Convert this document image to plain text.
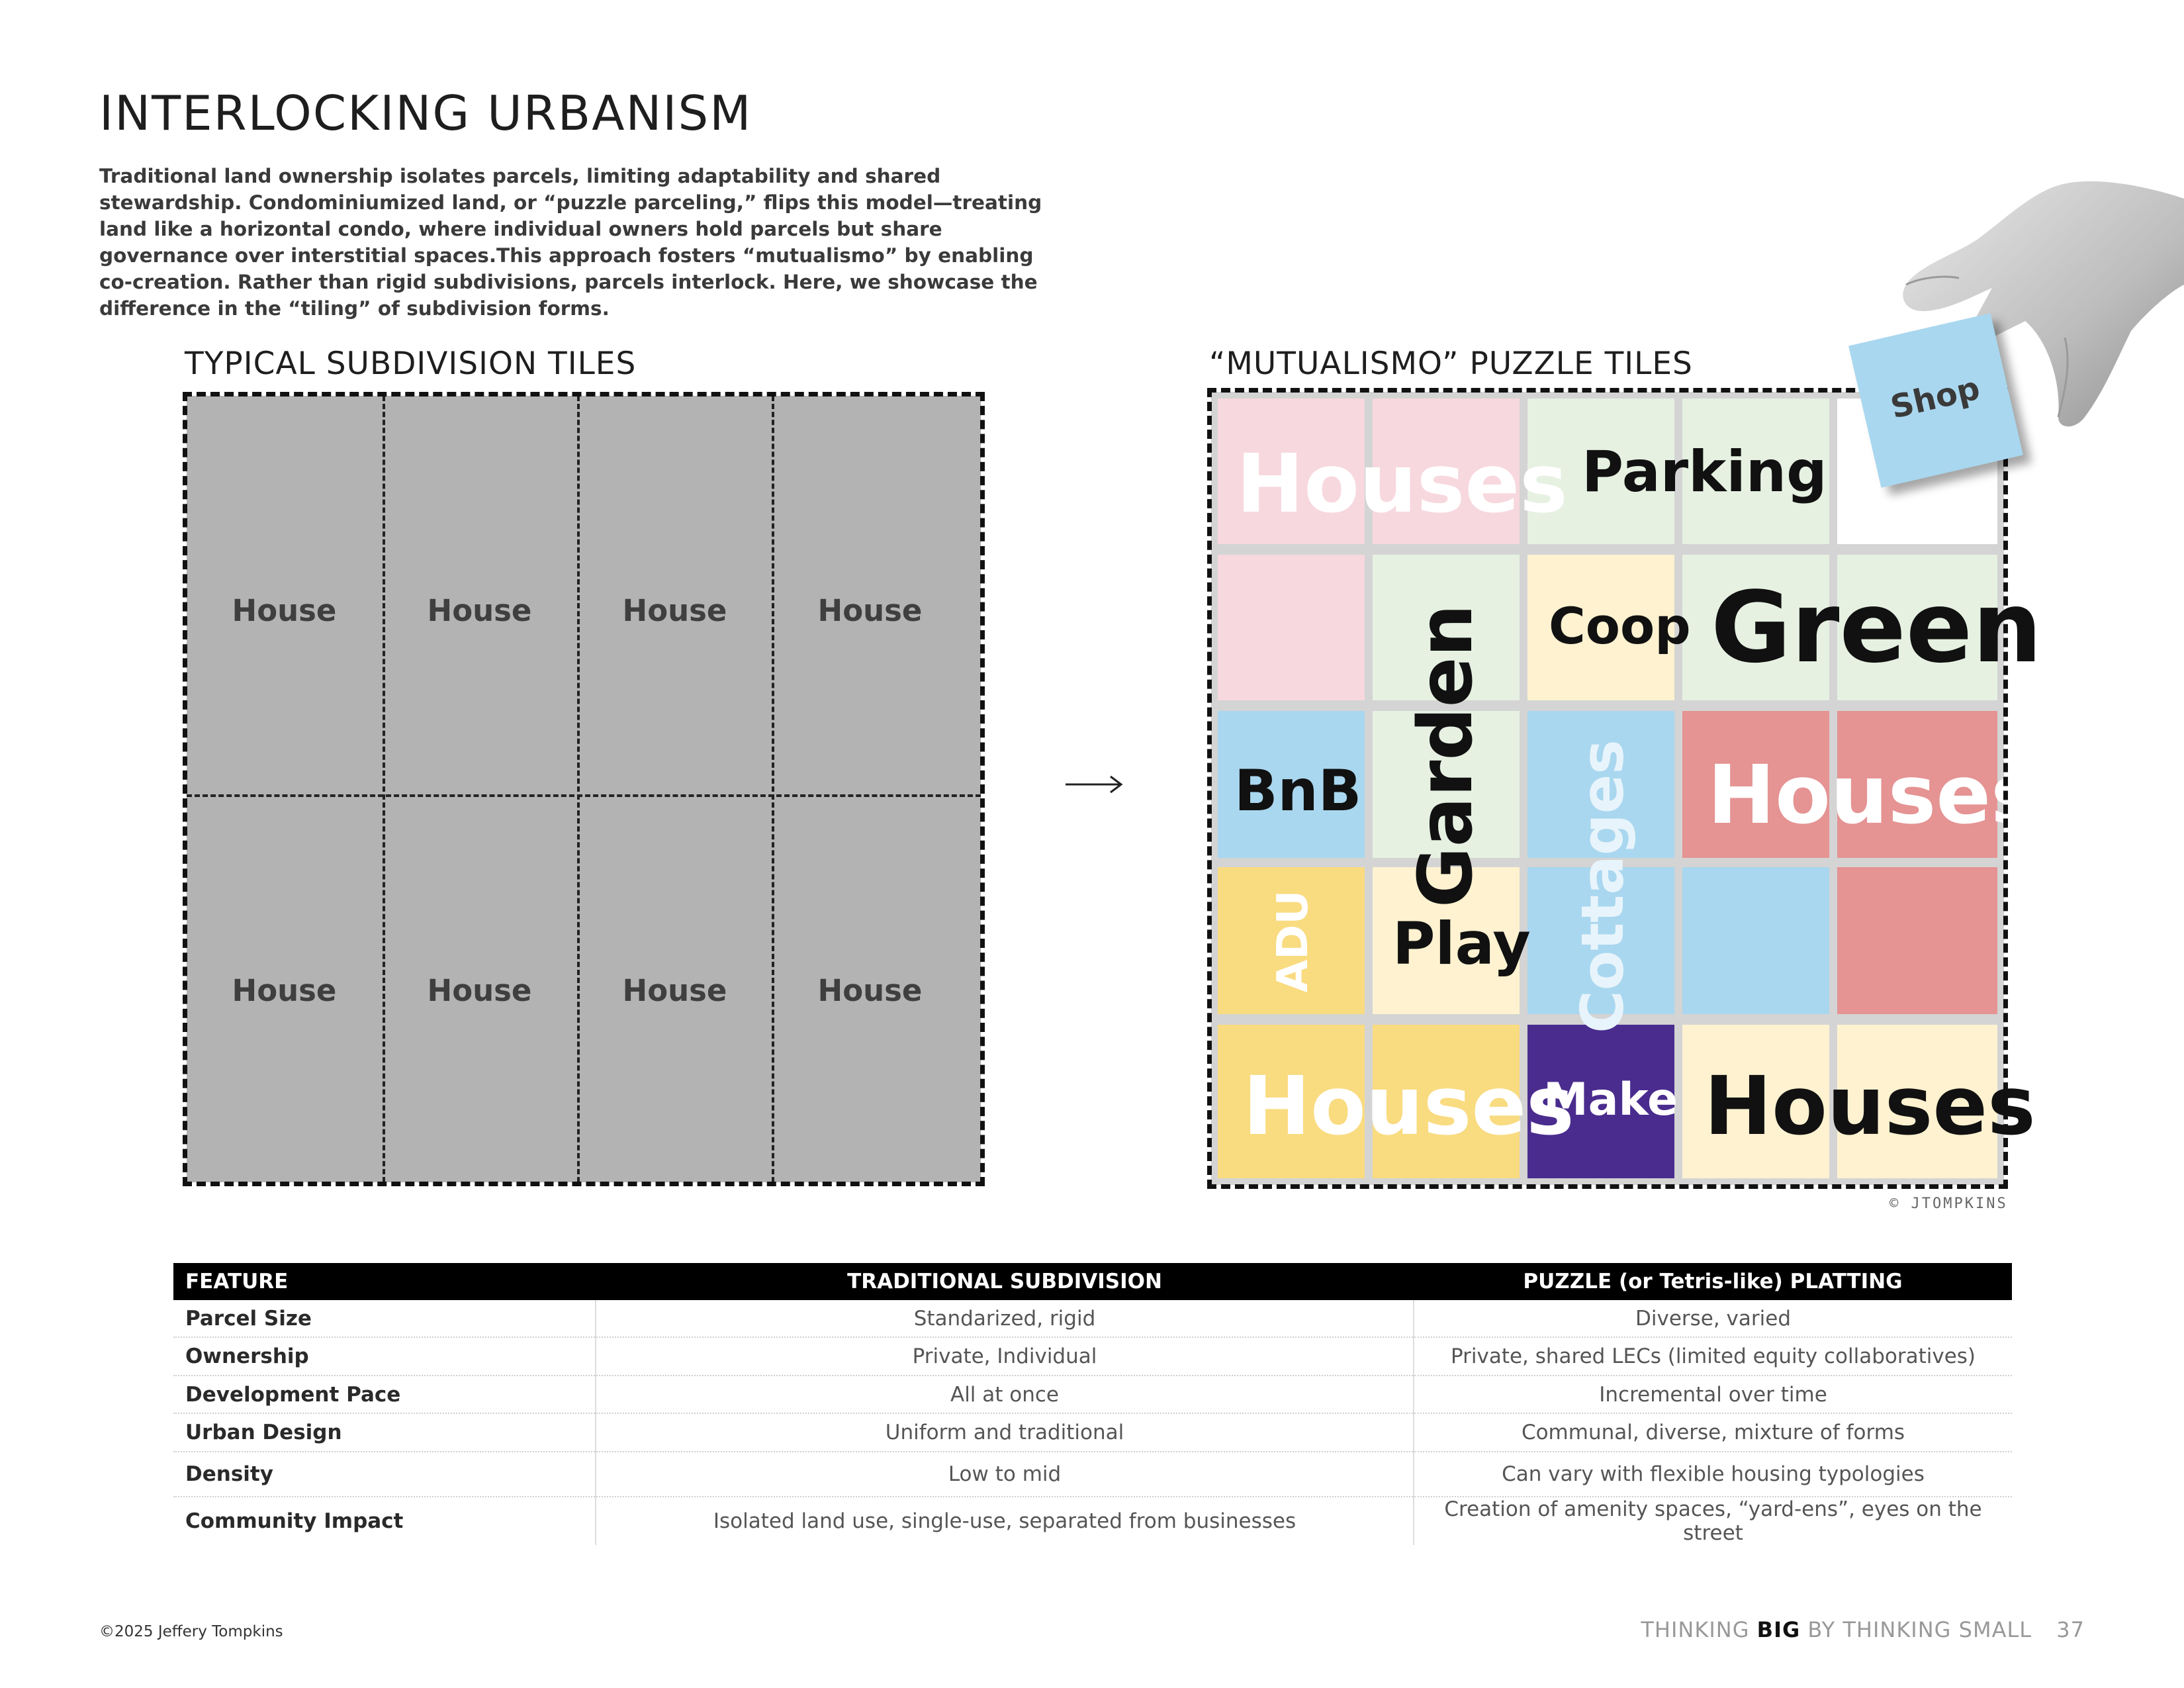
INTERLOCKING URBANISM

Traditional land ownership isolates parcels, limiting adaptability and shared stewardship. Condominiumized land, or “puzzle parceling,” flips this model—treating land like a horizontal condo, where individual owners hold parcels but share governance over interstitial spaces.This approach fosters “mutualismo” by enabling co-creation. Rather than rigid subdivisions, parcels interlock. Here, we showcase the difference in the “tiling” of subdivision forms.

TYPICAL SUBDIVISION TILES	“MUTUALISMO” PUZZLE TILES
House	House	House	House
House	House	House	House
Houses Parking
Garden Coop Green
BnB	Cottages Houses
ADU Play
Houses
Make Houses
© JTOMPKINS
Shop
FEATURE	TRADITIONAL SUBDIVISION	PUZZLE (or Tetris-like) PLATTING
Parcel Size	Standarized, rigid	Diverse, varied
Ownership	Private, Individual	Private, shared LECs (limited equity collaboratives)
Development Pace	All at once	Incremental over time
Urban Design	Uniform and traditional	Communal, diverse, mixture of forms
Density	Low to mid	Can vary with flexible housing typologies
Community Impact	Isolated land use, single-use, separated from businesses	Creation of amenity spaces, “yard-ens”, eyes on the street
©2025 Jeffery Tompkins	THINKING BIG BY THINKING SMALL 37
